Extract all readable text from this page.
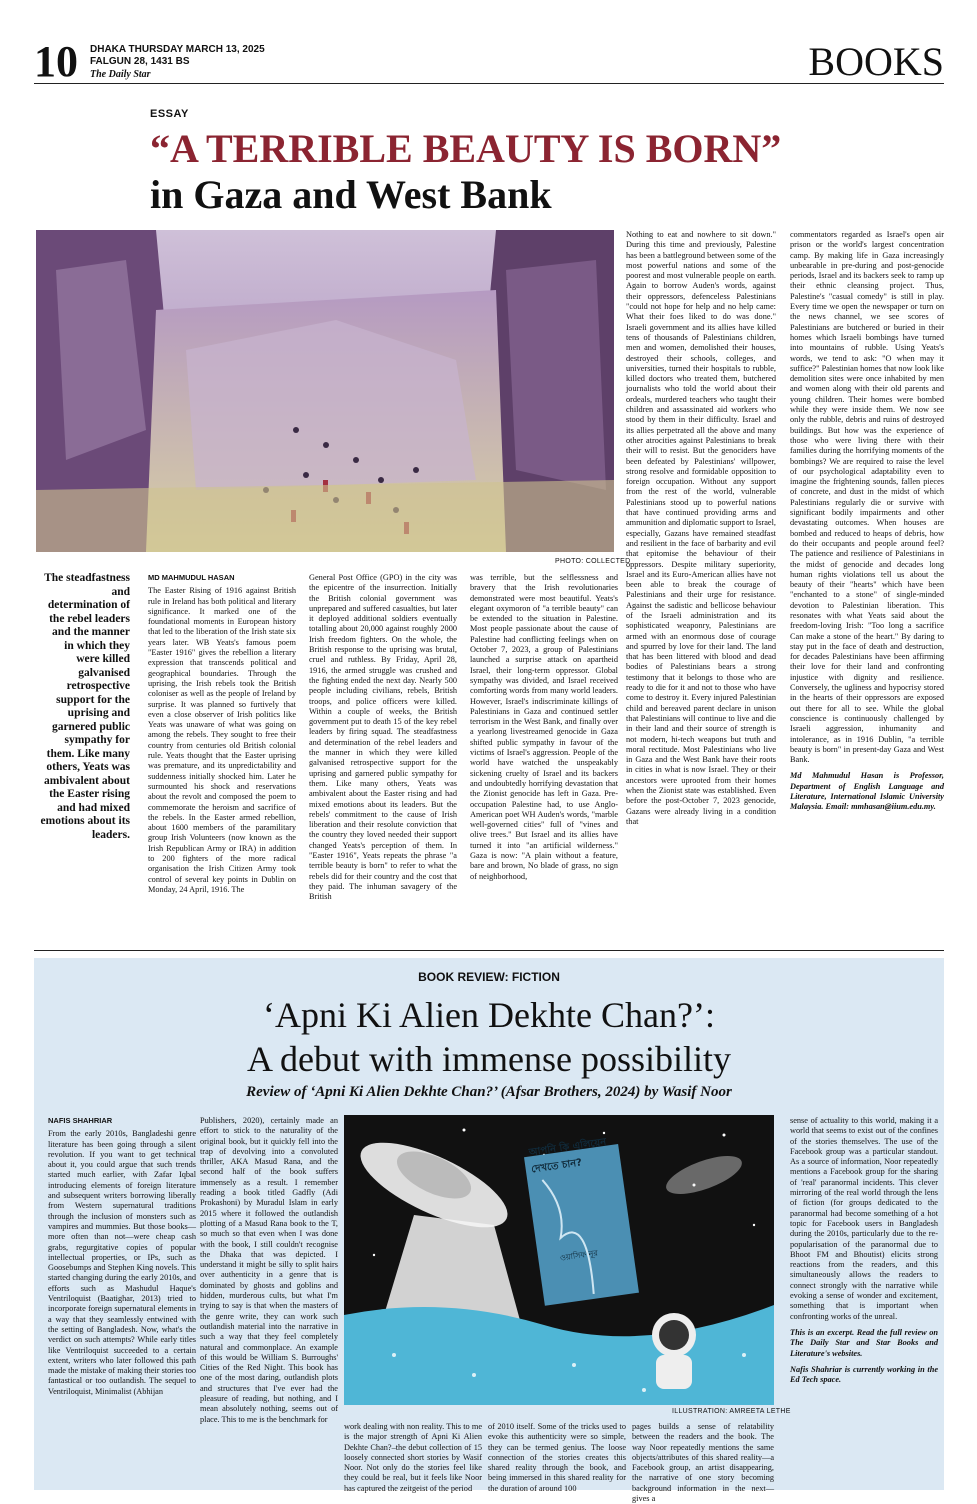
10 DHAKA THURSDAY MARCH 13, 2025
FALGUN 28, 1431 BS
The Daily Star	BOOKS
ESSAY
“A TERRIBLE BEAUTY IS BORN”
in Gaza and West Bank
PHOTO: COLLECTED
The steadfastness and determination of the rebel leaders and the manner in which they were killed galvanised retrospective support for the uprising and garnered public sympathy for them. Like many others, Yeats was ambivalent about the Easter rising and had mixed emotions about its leaders.
MD MAHMUDUL HASAN
The Easter Rising of 1916 against British rule in Ireland has both political and literary significance. It marked one of the foundational moments in European history that led to the liberation of the Irish state six years later. WB Yeats's famous poem "Easter 1916" gives the rebellion a literary expression that transcends political and geographical boundaries. Through the uprising, the Irish rebels took the British coloniser as well as the people of Ireland by surprise. It was planned so furtively that even a close observer of Irish politics like Yeats was unaware of what was going on among the rebels. They sought to free their country from centuries old British colonial rule. Yeats thought that the Easter uprising was premature, and its unpredictability and suddenness initially shocked him. Later he surmounted his shock and reservations about the revolt and composed the poem to commemorate the heroism and sacrifice of the rebels. In the Easter armed rebellion, about 1600 members of the paramilitary group Irish Volunteers (now known as the Irish Republican Army or IRA) in addition to 200 fighters of the more radical organisation the Irish Citizen Army took control of several key points in Dublin on Monday, 24 April, 1916. The
General Post Office (GPO) in the city was the epicentre of the insurrection. Initially the British colonial government was unprepared and suffered casualties, but later it deployed additional soldiers eventually totalling about 20,000 against roughly 2000 Irish freedom fighters. On the whole, the British response to the uprising was brutal, cruel and ruthless. By Friday, April 28, 1916, the armed struggle was crushed and the fighting ended the next day. Nearly 500 people including civilians, rebels, British troops, and police officers were killed. Within a couple of weeks, the British government put to death 15 of the key rebel leaders by firing squad. The steadfastness and determination of the rebel leaders and the manner in which they were killed galvanised retrospective support for the uprising and garnered public sympathy for them. Like many others, Yeats was ambivalent about the Easter rising and had mixed emotions about its leaders. But the rebels' commitment to the cause of Irish liberation and their resolute conviction that the country they loved needed their support changed Yeats's perception of them. In "Easter 1916", Yeats repeats the phrase "a terrible beauty is born" to refer to what the rebels did for their country and the cost that they paid. The inhuman savagery of the British
was terrible, but the selflessness and bravery that the Irish revolutionaries demonstrated were most beautiful. Yeats's elegant oxymoron of "a terrible beauty" can be extended to the situation in Palestine. Most people passionate about the cause of Palestine had conflicting feelings when on October 7, 2023, a group of Palestinians launched a surprise attack on apartheid Israel, their long-term oppressor. Global sympathy was divided, and Israel received comforting words from many world leaders. However, Israel's indiscriminate killings of Palestinians in Gaza and continued settler terrorism in the West Bank, and finally over a yearlong livestreamed genocide in Gaza shifted public sympathy in favour of the victims of Israel's aggression. People of the world have watched the unspeakably sickening cruelty of Israel and its backers and undoubtedly horrifying devastation that the Zionist genocide has left in Gaza. Pre-occupation Palestine had, to use Anglo-American poet WH Auden's words, "marble well-governed cities" full of "vines and olive trees." But Israel and its allies have turned it into "an artificial wilderness." Gaza is now: "A plain without a feature, bare and brown, No blade of grass, no sign of neighborhood,
Nothing to eat and nowhere to sit down." During this time and previously, Palestine has been a battleground between some of the most powerful nations and some of the poorest and most vulnerable people on earth. Again to borrow Auden's words, against their oppressors, defenceless Palestinians "could not hope for help and no help came: What their foes liked to do was done." Israeli government and its allies have killed tens of thousands of Palestinians children, men and women, demolished their houses, destroyed their schools, colleges, and universities, turned their hospitals to rubble, killed doctors who treated them, butchered journalists who told the world about their ordeals, murdered teachers who taught their children and assassinated aid workers who stood by them in their difficulty. Israel and its allies perpetrated all the above and many other atrocities against Palestinians to break their will to resist. But the genociders have been defeated by Palestinians' willpower, strong resolve and formidable opposition to foreign occupation. Without any support from the rest of the world, vulnerable Palestinians stood up to powerful nations that have continued providing arms and ammunition and diplomatic support to Israel, especially, Gazans have remained steadfast and resilient in the face of barbarity and evil that epitomise the behaviour of their oppressors. Despite military superiority, Israel and its Euro-American allies have not been able to break the courage of Palestinians and their urge for resistance. Against the sadistic and bellicose behaviour of the Israeli administration and its sophisticated weaponry, Palestinians are armed with an enormous dose of courage and spurred by love for their land. The land that has been littered with blood and dead bodies of Palestinians bears a strong testimony that it belongs to those who are ready to die for it and not to those who have come to destroy it. Every injured Palestinian child and bereaved parent declare in unison that Palestinians will continue to live and die in their land and their source of strength is not modern, hi-tech weapons but truth and moral rectitude. Most Palestinians who live in Gaza and the West Bank have their roots in cities in what is now Israel. They or their ancestors were uprooted from their homes when the Zionist state was established. Even before the post-October 7, 2023 genocide, Gazans were already living in a condition that
commentators regarded as Israel's open air prison or the world's largest concentration camp. By making life in Gaza increasingly unbearable in pre-during and post-genocide periods, Israel and its backers seek to ramp up their ethnic cleansing project. Thus, Palestine's "casual comedy" is still in play. Every time we open the newspaper or turn on the news channel, we see scores of Palestinians are butchered or buried in their homes which Israeli bombings have turned into mountains of rubble. Using Yeats's words, we tend to ask: "O when may it suffice?" Palestinian homes that now look like demolition sites were once inhabited by men and women along with their old parents and young children. Their homes were bombed while they were inside them. We now see only the rubble, debris and ruins of destroyed buildings. But how was the experience of those who were living there with their families during the horrifying moments of the bombings? We are required to raise the level of our psychological adaptability even to imagine the frightening sounds, fallen pieces of concrete, and dust in the midst of which Palestinians regularly die or survive with significant bodily impairments and other devastating outcomes. When houses are bombed and reduced to heaps of debris, how do their occupants and people around feel? The patience and resilience of Palestinians in the midst of genocide and decades long human rights violations tell us about the beauty of their "hearts" which have been "enchanted to a stone" of single-minded devotion to Palestinian liberation. This resonates with what Yeats said about the freedom-loving Irish: "Too long a sacrifice Can make a stone of the heart." By daring to stay put in the face of death and destruction, for decades Palestinians have been affirming their love for their land and confronting injustice with dignity and resilience. Conversely, the ugliness and hypocrisy stored in the hearts of their oppressors are exposed out there for all to see. While the global conscience is continuously challenged by Israeli aggression, inhumanity and intolerance, as in 1916 Dublin, "a terrible beauty is born" in present-day Gaza and West Bank.
Md Mahmudul Hasan is Professor, Department of English Language and Literature, International Islamic University Malaysia. Email: mmhasan@iium.edu.my.
BOOK REVIEW: FICTION
‘Apni Ki Alien Dekhte Chan?’:
A debut with immense possibility
Review of ‘Apni Ki Alien Dekhte Chan?’ (Afsar Brothers, 2024) by Wasif Noor
ILLUSTRATION: AMREETA LETHE
আপনি কি এলিয়েন দেখতে চান?
ওয়াসিফ নূর
NAFIS SHAHRIAR
From the early 2010s, Bangladeshi genre literature has been going through a silent revolution. If you want to get technical about it, you could argue that such trends started much earlier, with Zafar Iqbal introducing elements of foreign literature and subsequent writers borrowing liberally from Western supernatural traditions through the inclusion of monsters such as vampires and mummies. But those books—more often than not—were cheap cash grabs, regurgitative copies of popular intellectual properties, or IPs, such as Goosebumps and Stephen King novels. This started changing during the early 2010s, and efforts such as Mashudul Haque's Ventriloquist (Baatighar, 2013) tried to incorporate foreign supernatural elements in a way that they seamlessly entwined with the setting of Bangladesh. Now, what's the verdict on such attempts? While early titles like Ventriloquist succeeded to a certain extent, writers who later followed this path made the mistake of making their stories too fantastical or too outlandish. The sequel to Ventriloquist, Minimalist (Abhijan
Publishers, 2020), certainly made an effort to stick to the naturality of the original book, but it quickly fell into the trap of devolving into a convoluted thriller, AKA Masud Rana, and the second half of the book suffers immensely as a result. I remember reading a book titled Gadfly (Adi Prokashoni) by Muradul Islam in early 2015 where it followed the outlandish plotting of a Masud Rana book to the T, so much so that even when I was done with the book, I still couldn't recognise the Dhaka that was depicted. I understand it might be silly to split hairs over authenticity in a genre that is dominated by ghosts and goblins and hidden, murderous cults, but what I'm trying to say is that when the masters of the genre write, they can work such outlandish material into the narrative in such a way that they feel completely natural and commonplace. An example of this would be William S. Burroughs' Cities of the Red Night. This book has one of the most daring, outlandish plots and structures that I've ever had the pleasure of reading, but nothing, and I mean absolutely nothing, seems out of place. This to me is the benchmark for
work dealing with non reality. This to me is the major strength of Apni Ki Alien Dekhte Chan?–the debut collection of 15 loosely connected short stories by Wasif Noor. Not only do the stories feel like they could be real, but it feels like Noor has captured the zeitgeist of the period
of 2010 itself. Some of the tricks used to evoke this authenticity were so simple, they can be termed genius. The loose connection of the stories creates this shared reality through the book, and being immersed in this shared reality for the duration of around 100
pages builds a sense of relatability between the readers and the book. The way Noor repeatedly mentions the same objects/attributes of this shared reality—a Facebook group, an artist disappearing, the narrative of one story becoming background information in the next—gives a
sense of actuality to this world, making it a world that seems to exist out of the confines of the stories themselves. The use of the Facebook group was a particular standout. As a source of information, Noor repeatedly mentions a Facebook group for the sharing of 'real' paranormal incidents. This clever mirroring of the real world through the lens of fiction (for groups dedicated to the paranormal had become something of a hot topic for Facebook users in Bangladesh during the 2010s, particularly due to the re-popularisation of the paranormal due to Bhoot FM and Bhoutist) elicits strong reactions from the readers, and this simultaneously allows the readers to connect strongly with the narrative while evoking a sense of wonder and excitement, something that is important when confronting works of the unreal.
This is an excerpt. Read the full review on The Daily Star and Star Books and Literature's websites.
Nafis Shahriar is currently working in the Ed Tech space.
